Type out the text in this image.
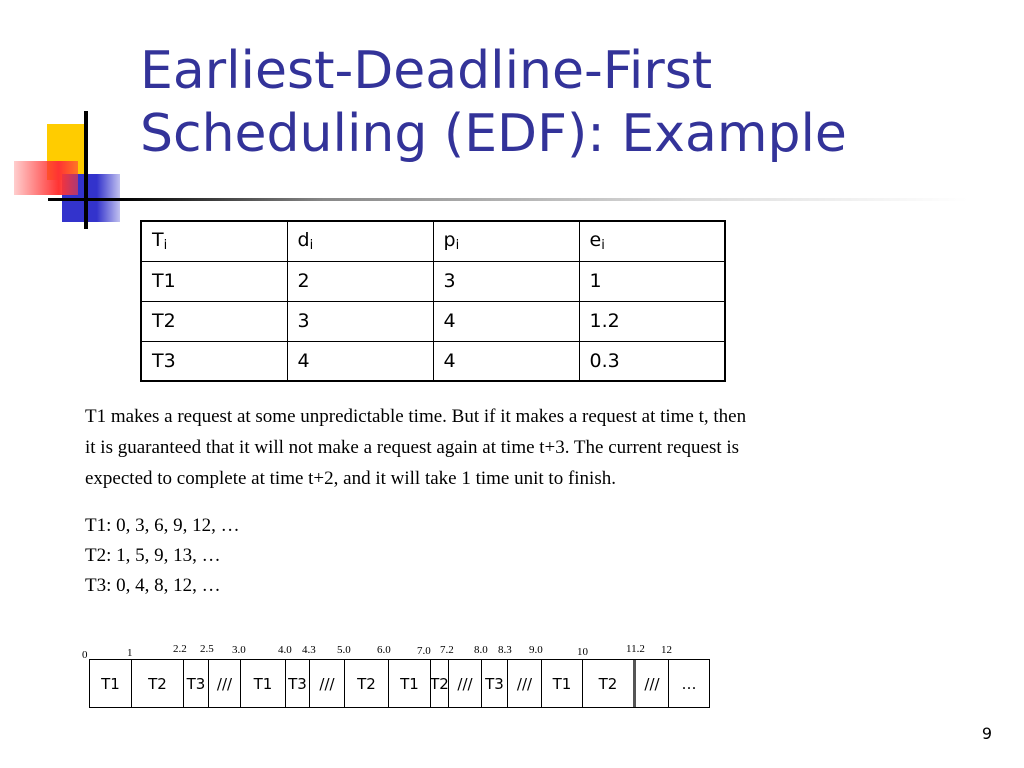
Earliest-Deadline-First
Scheduling (EDF): Example
$T_i$	$d_i$	$p_i$	$e_i$
T1	2	3	1
T2	3	4	1.2
T3	4	4	0.3
T1 makes a request at some unpredictable time. But if it makes a request at time t, then
it is guaranteed that it will not make a request again at time t+3. The current request is
expected to complete at time t+2, and it will take 1 time unit to finish.
T1: 0, 3, 6, 9, 12, …
T2: 1, 5, 9, 13, …
T3: 0, 4, 8, 12, …
0	1	2.2 2.5 3.0	4.0 4.3 5.0 6.0 7.0 7.2 8.0 8.3 9.0	10	11.2 12
T1	T2	T3 ///	T1	T3 ///	T2	T1 T2 /// T3 ///	T1	T2	///	…
9
